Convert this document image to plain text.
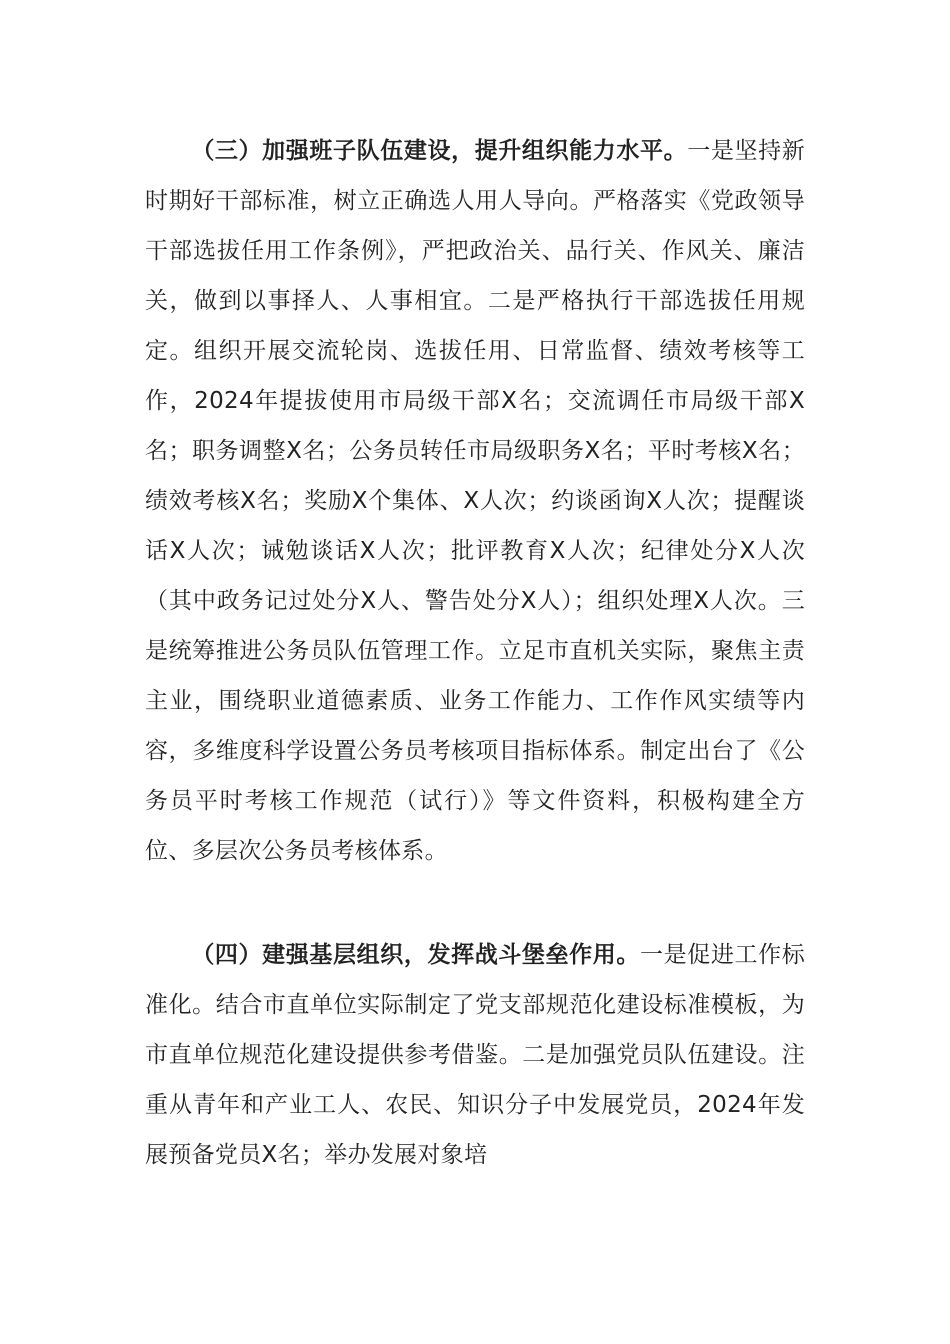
（三）加强班子队伍建设，提升组织能力水平。一是坚持新时期好干部标准，树立正确选人用人导向。严格落实《党政领导干部选拔任用工作条例》，严把政治关、品行关、作风关、廉洁关，做到以事择人、人事相宜。二是严格执行干部选拔任用规定。组织开展交流轮岗、选拔任用、日常监督、绩效考核等工作，2024年提拔使用市局级干部X名；交流调任市局级干部X名；职务调整X名；公务员转任市局级职务X名；平时考核X名；绩效考核X名；奖励X个集体、X人次；约谈函询X人次；提醒谈话X人次；诫勉谈话X人次；批评教育X人次；纪律处分X人次（其中政务记过处分X人、警告处分X人）；组织处理X人次。三是统筹推进公务员队伍管理工作。立足市直机关实际，聚焦主责主业，围绕职业道德素质、业务工作能力、工作作风实绩等内容，多维度科学设置公务员考核项目指标体系。制定出台了《公务员平时考核工作规范（试行）》等文件资料，积极构建全方位、多层次公务员考核体系。

（四）建强基层组织，发挥战斗堡垒作用。一是促进工作标准化。结合市直单位实际制定了党支部规范化建设标准模板，为市直单位规范化建设提供参考借鉴。二是加强党员队伍建设。注重从青年和产业工人、农民、知识分子中发展党员，2024年发展预备党员X名；举办发展对象培
